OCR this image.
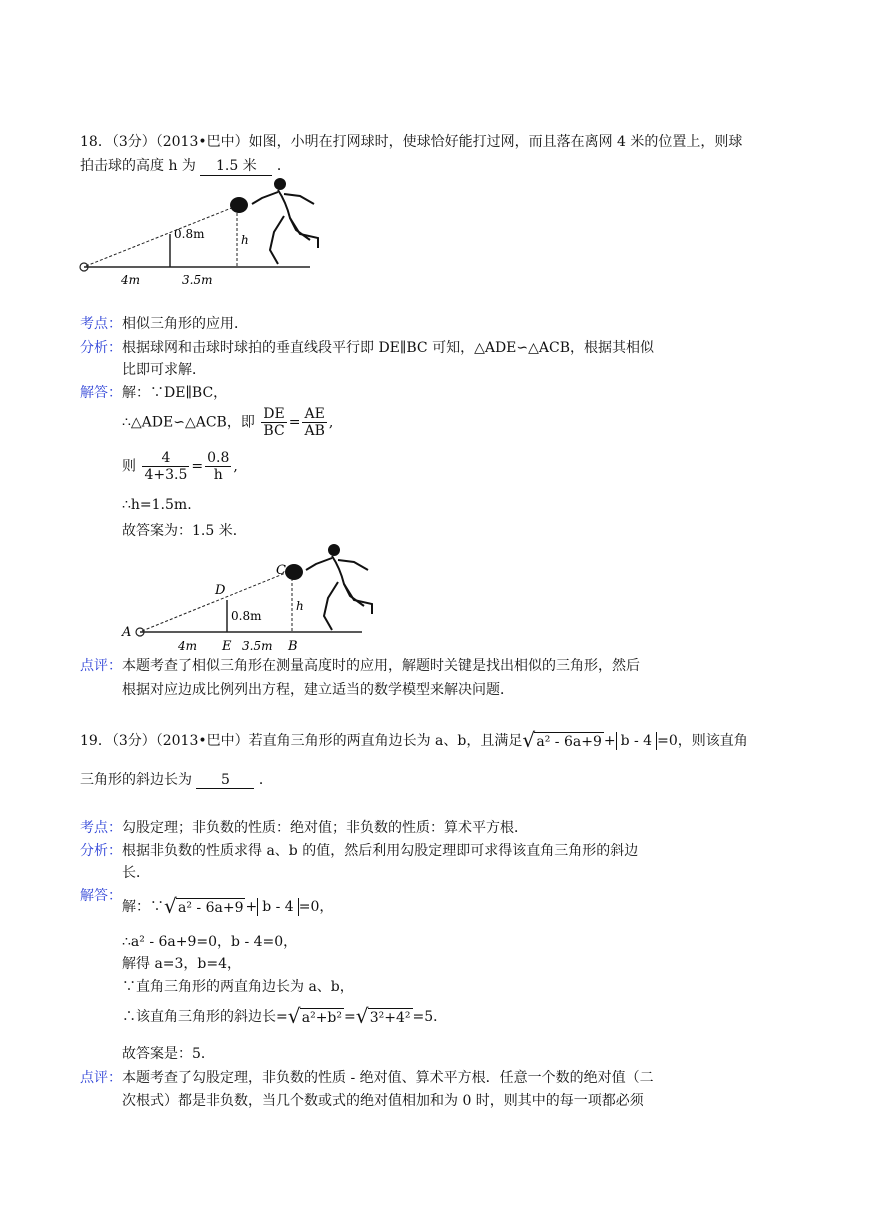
18．（3分）（2013•巴中）如图，小明在打网球时，使球恰好能打过网，而且落在离网 4 米的位置上，则球
拍击球的高度 h 为 1.5 米 ．
0.8m	h
4m	3.5m
考点：相似三角形的应用．
分析：根据球网和击球时球拍的垂直线段平行即 DE∥BC 可知，△ADE∽△ACB，根据其相似
比即可求解．
解答：解：∵DE∥BC，
∴△ADE∽△ACB，即 $\frac{DE}{BC} = \frac{AE}{AB}$ ,
则 $\frac{4}{4+3.5} = \frac{0.8}{h}$ ,
∴h=1.5m.
故答案为：1.5 米．
A
D
C
E	B
0.8m
h
4m	3.5m
点评：本题考查了相似三角形在测量高度时的应用，解题时关键是找出相似的三角形，然后
根据对应边成比例列出方程，建立适当的数学模型来解决问题．
19．（3分）（2013•巴中）若直角三角形的两直角边长为 a、b，且满足 √ a² - 6a+9 + b - 4 =0，则该直角
三角形的斜边长为 5 ．
考点：勾股定理；非负数的性质：绝对值；非负数的性质：算术平方根．
分析：根据非负数的性质求得 a、b 的值，然后利用勾股定理即可求得该直角三角形的斜边
长．
解答：
解：∵ √ a² - 6a+9 + b - 4 =0，
∴a² - 6a+9=0，b - 4=0，
解得 a=3，b=4，
∵直角三角形的两直角边长为 a、b，
∴该直角三角形的斜边长= √ a²+b² = √ 3²+4² =5．
故答案是：5．
点评：本题考查了勾股定理，非负数的性质 - 绝对值、算术平方根．任意一个数的绝对值（二
次根式）都是非负数，当几个数或式的绝对值相加和为 0 时，则其中的每一项都必须
